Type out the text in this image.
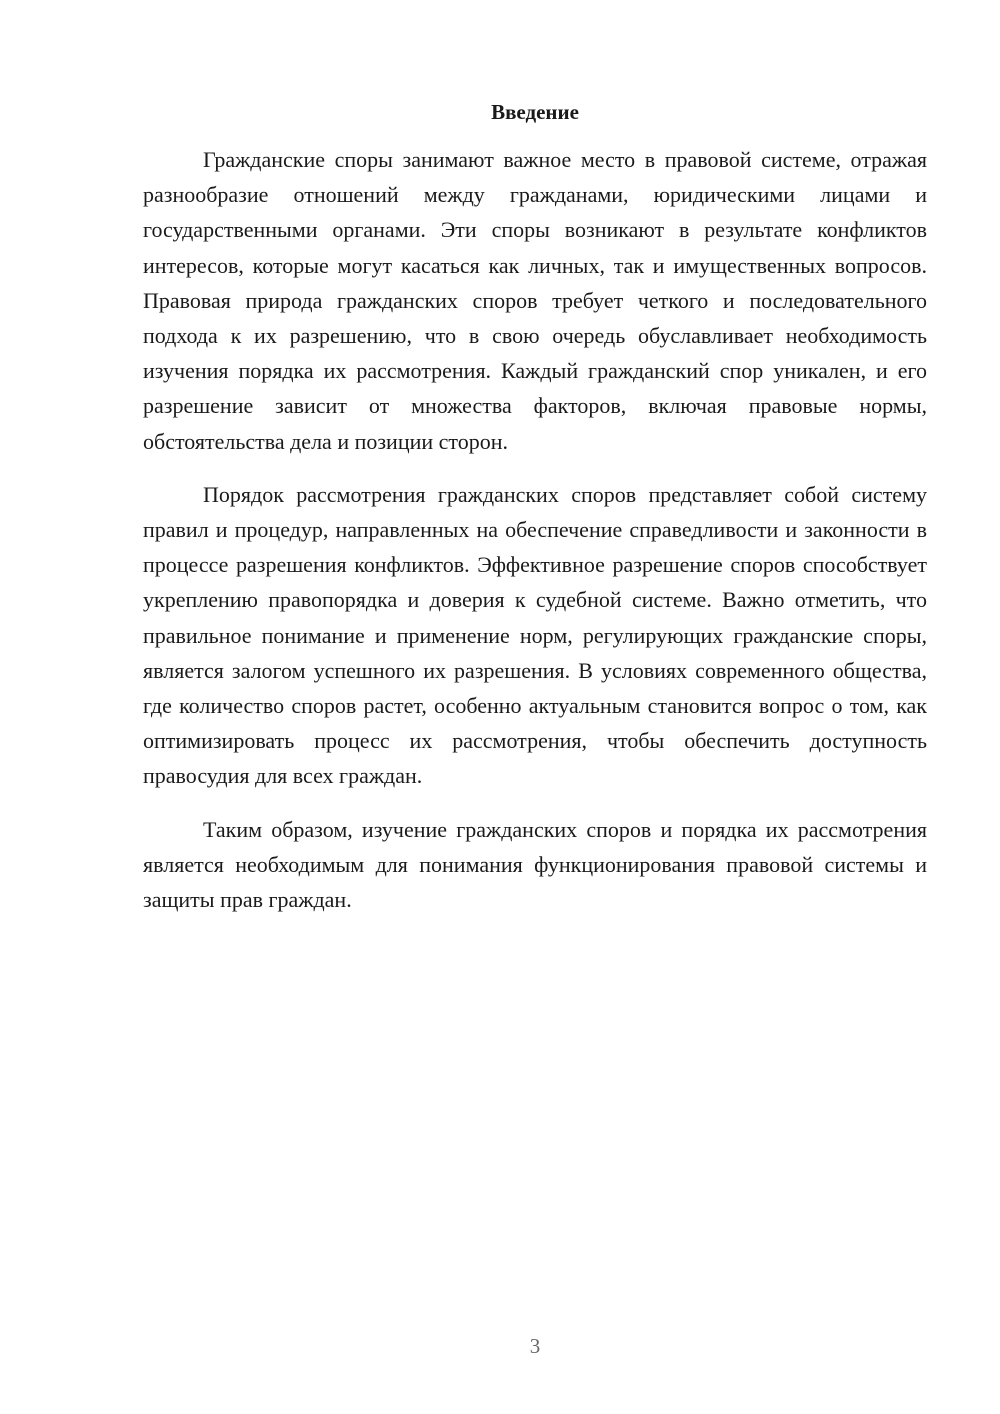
Введение

Гражданские споры занимают важное место в правовой системе, отражая разнообразие отношений между гражданами, юридическими лицами и государственными органами. Эти споры возникают в результате конфликтов интересов, которые могут касаться как личных, так и имущественных вопросов. Правовая природа гражданских споров требует четкого и последовательного подхода к их разрешению, что в свою очередь обуславливает необходимость изучения порядка их рассмотрения. Каждый гражданский спор уникален, и его разрешение зависит от множества факторов, включая правовые нормы, обстоятельства дела и позиции сторон.

Порядок рассмотрения гражданских споров представляет собой систему правил и процедур, направленных на обеспечение справедливости и законности в процессе разрешения конфликтов. Эффективное разрешение споров способствует укреплению правопорядка и доверия к судебной системе. Важно отметить, что правильное понимание и применение норм, регулирующих гражданские споры, является залогом успешного их разрешения. В условиях современного общества, где количество споров растет, особенно актуальным становится вопрос о том, как оптимизировать процесс их рассмотрения, чтобы обеспечить доступность правосудия для всех граждан.

Таким образом, изучение гражданских споров и порядка их рассмотрения является необходимым для понимания функционирования правовой системы и защиты прав граждан.

3
